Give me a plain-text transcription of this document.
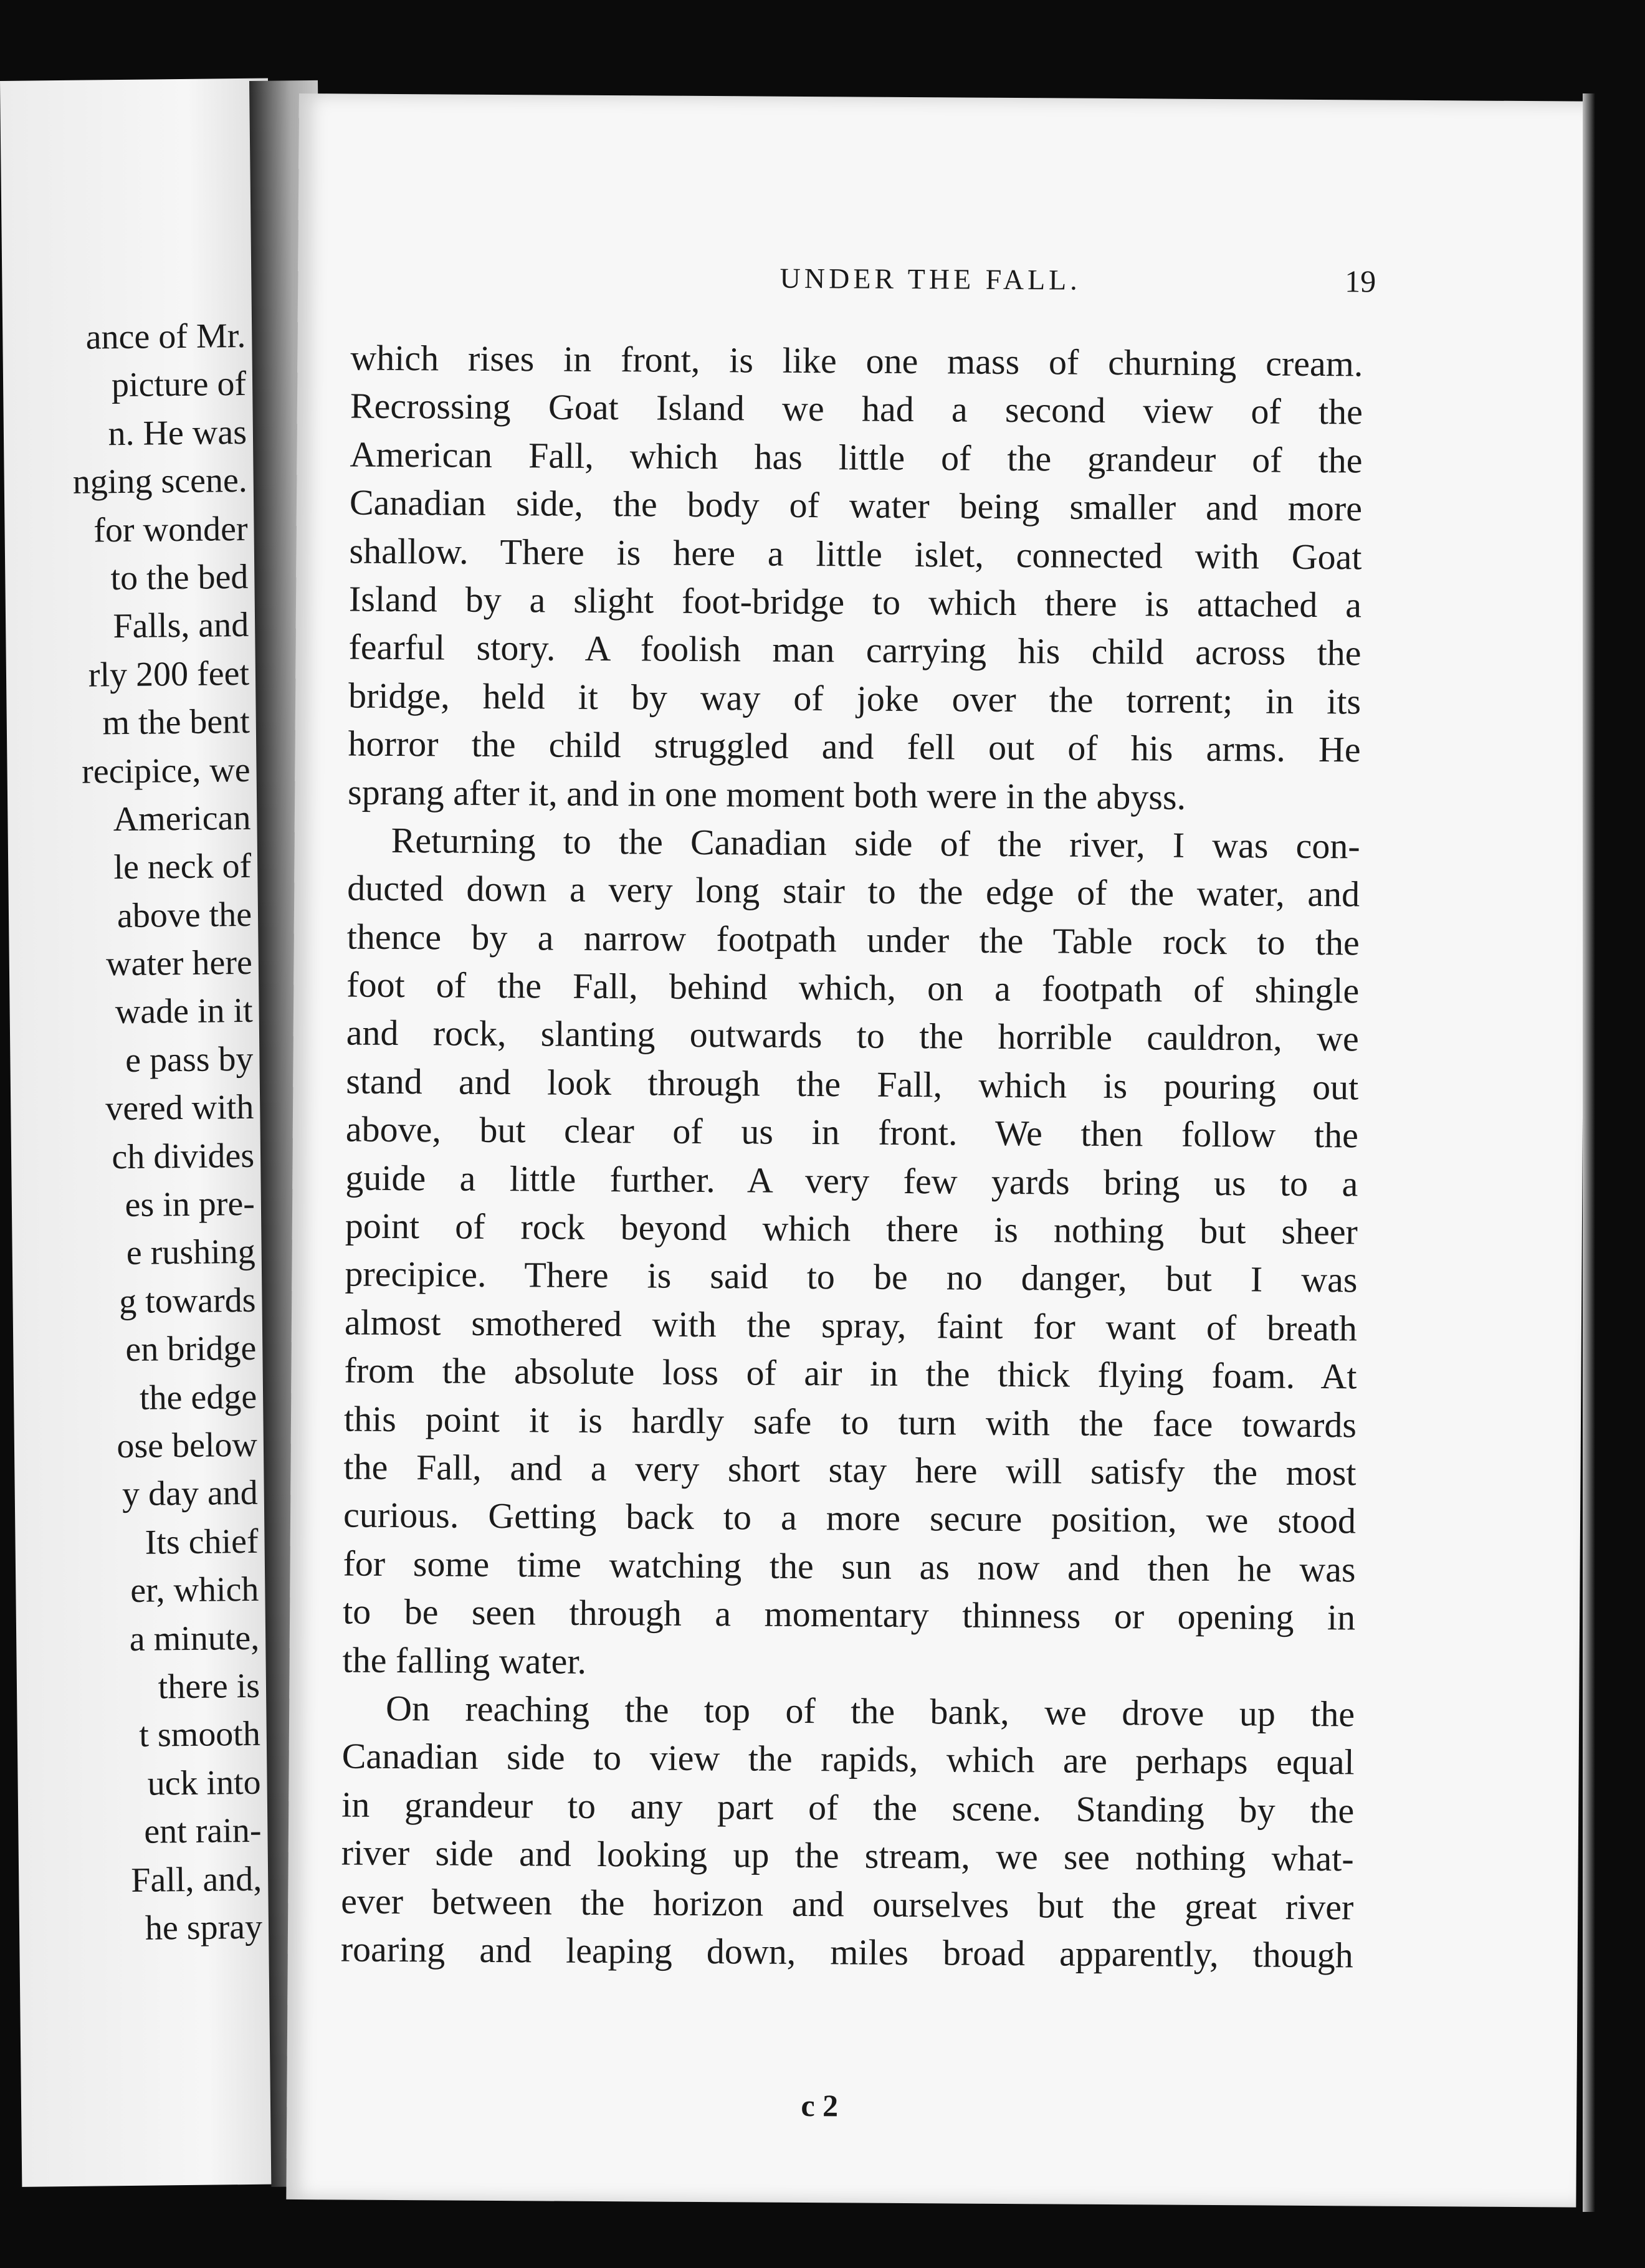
ance of Mr.
picture of
n. He was
nging scene.
for wonder
to the bed
Falls, and
rly 200 feet
m the bent
recipice, we
American
le neck of
above the
water here
wade in it
e pass by
vered with
ch divides
es in pre-
e rushing
g towards
en bridge
the edge
ose below
y day and
Its chief
er, which
a minute,
there is
t smooth
uck into
ent rain-
Fall, and,
he spray
UNDER THE FALL.	19
which rises in front, is like one mass of churning cream.
Recrossing Goat Island we had a second view of the
American Fall, which has little of the grandeur of the
Canadian side, the body of water being smaller and more
shallow. There is here a little islet, connected with Goat
Island by a slight foot-bridge to which there is attached a
fearful story. A foolish man carrying his child across the
bridge, held it by way of joke over the torrent; in its
horror the child struggled and fell out of his arms. He
sprang after it, and in one moment both were in the abyss.
Returning to the Canadian side of the river, I was con-
ducted down a very long stair to the edge of the water, and
thence by a narrow footpath under the Table rock to the
foot of the Fall, behind which, on a footpath of shingle
and rock, slanting outwards to the horrible cauldron, we
stand and look through the Fall, which is pouring out
above, but clear of us in front. We then follow the
guide a little further. A very few yards bring us to a
point of rock beyond which there is nothing but sheer
precipice. There is said to be no danger, but I was
almost smothered with the spray, faint for want of breath
from the absolute loss of air in the thick flying foam. At
this point it is hardly safe to turn with the face towards
the Fall, and a very short stay here will satisfy the most
curious. Getting back to a more secure position, we stood
for some time watching the sun as now and then he was
to be seen through a momentary thinness or opening in
the falling water.
On reaching the top of the bank, we drove up the
Canadian side to view the rapids, which are perhaps equal
in grandeur to any part of the scene. Standing by the
river side and looking up the stream, we see nothing what-
ever between the horizon and ourselves but the great river
roaring and leaping down, miles broad apparently, though
c 2
